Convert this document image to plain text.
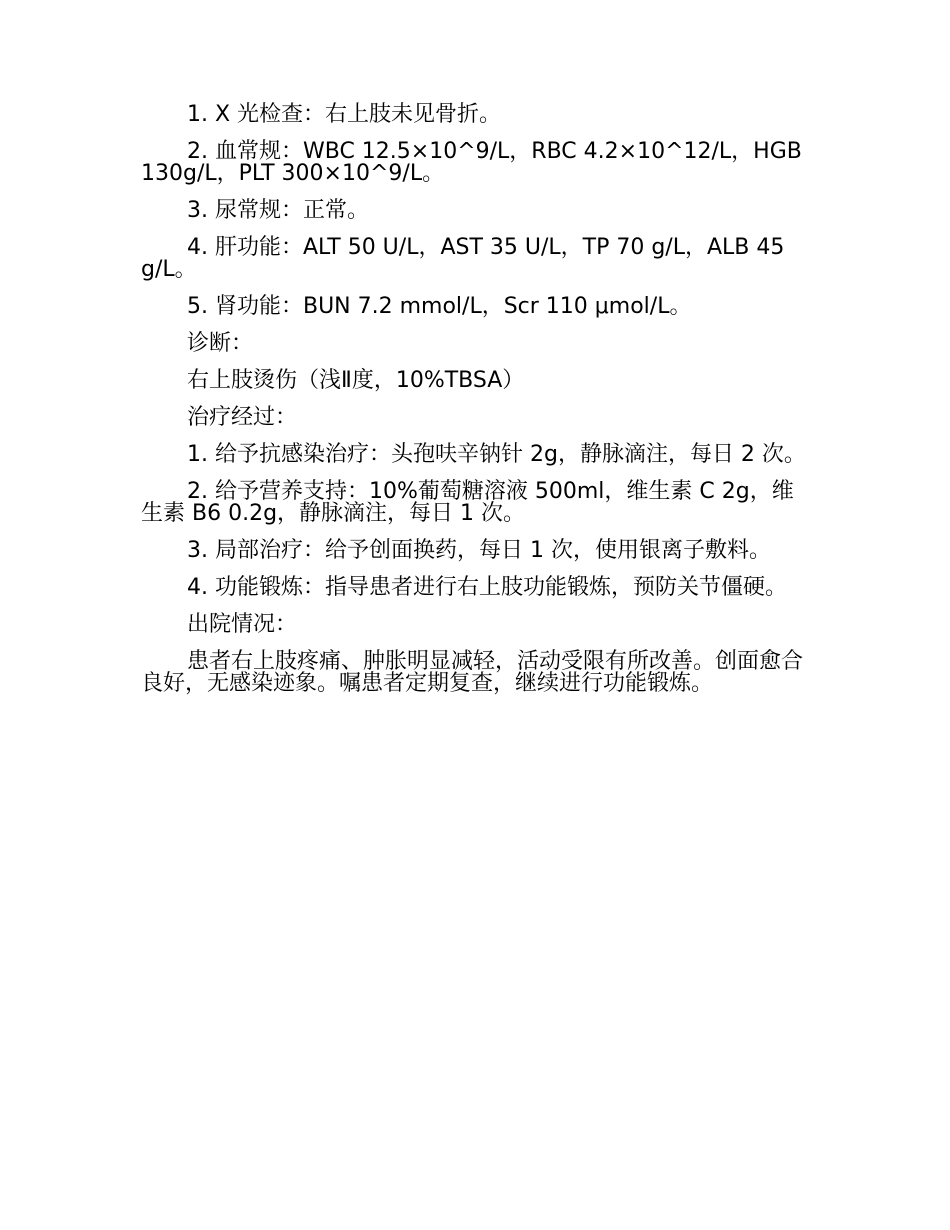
1. X 光检查：右上肢未见骨折。

2. 血常规：WBC 12.5×10^9/L，RBC 4.2×10^12/L，HGB 130g/L，PLT 300×10^9/L。

3. 尿常规：正常。

4. 肝功能：ALT 50 U/L，AST 35 U/L，TP 70 g/L，ALB 45 g/L。

5. 肾功能：BUN 7.2 mmol/L，Scr 110 μmol/L。

诊断：

右上肢烫伤（浅Ⅱ度，10%TBSA）

治疗经过：

1. 给予抗感染治疗：头孢呋辛钠针 2g，静脉滴注，每日 2 次。

2. 给予营养支持：10%葡萄糖溶液 500ml，维生素 C 2g，维生素 B6 0.2g，静脉滴注，每日 1 次。

3. 局部治疗：给予创面换药，每日 1 次，使用银离子敷料。

4. 功能锻炼：指导患者进行右上肢功能锻炼，预防关节僵硬。

出院情况：

患者右上肢疼痛、肿胀明显减轻，活动受限有所改善。创面愈合良好，无感染迹象。嘱患者定期复查，继续进行功能锻炼。
